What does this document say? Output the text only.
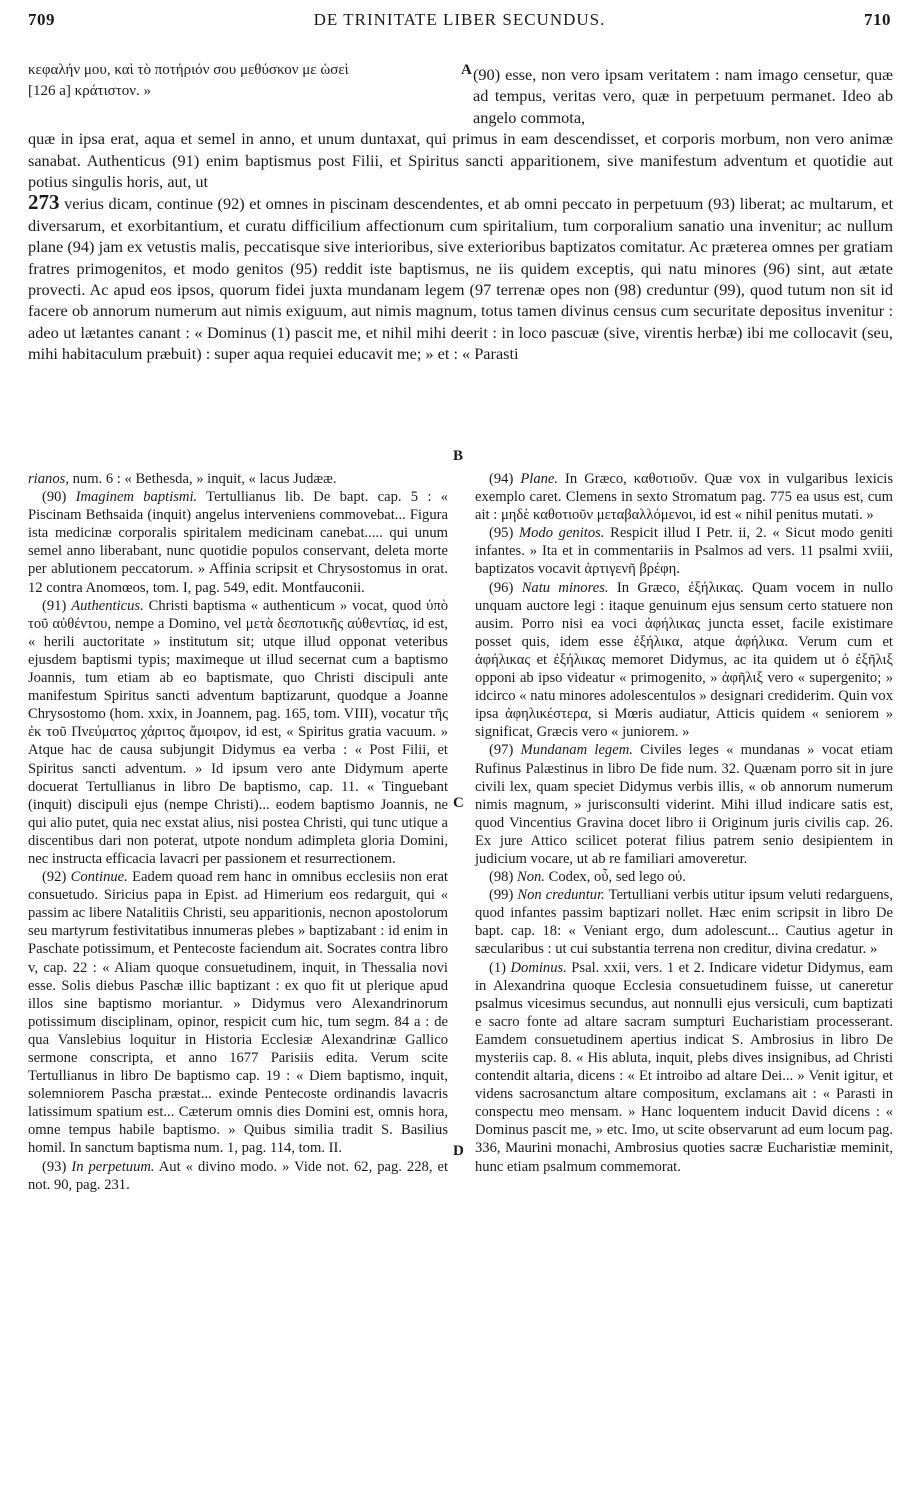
709	DE TRINITATE LIBER SECUNDUS.	710
κεφαλήν μου, καὶ τὸ ποτήριόν σου μεθύσκον με ὡσεὶ
[126 a] κράτιστον. »
A (90) esse, non vero ipsam veritatem : nam imago censetur, quæ ad tempus, veritas vero, quæ in perpetuum permanet. Ideo ab angelo commota,

quæ in ipsa erat, aqua et semel in anno, et unum duntaxat, qui primus in eam descendisset, et corporis morbum, non vero animæ sanabat. Authenticus (91) enim baptismus post Filii, et Spiritus sancti apparitionem, sive manifestum adventum et quotidie aut potius singulis horis, aut, ut

273 verius dicam, continue (92) et omnes in piscinam descendentes, et ab omni peccato in perpetuum (93) liberat; ac multarum, et diversarum, et exorbitantium, et curatu difficilium affectionum cum spiritalium, tum corporalium sanatio una invenitur; ac nullum plane (94) jam ex vetustis malis, peccatisque sive interioribus, sive exterioribus baptizatos comitatur. Ac præterea omnes per gratiam fratres primogenitos, et modo genitos (95) reddit iste baptismus, ne iis quidem exceptis, qui natu minores (96) sint, aut ætate provecti. Ac apud eos ipsos, quorum fidei juxta mundanam legem (97 terrenæ opes non (98) creduntur (99), quod tutum non sit id facere ob annorum numerum aut nimis exiguum, aut nimis magnum, totus tamen divinus census cum securitate depositus invenitur : adeo ut lætantes canant : « Dominus (1) pascit me, et nihil mihi deerit : in loco pascuæ (sive, virentis herbæ) ibi me collocavit (seu, mihi habitaculum præbuit) : super aqua requiei educavit me; » et : « Parasti

B
C
D

rianos, num. 6 : « Bethesda, » inquit, « lacus Judææ.

(90) Imaginem baptismi. Tertullianus lib. De bapt. cap. 5 : « Piscinam Bethsaida (inquit) angelus interveniens commovebat... Figura ista medicinæ corporalis spiritalem medicinam canebat..... qui unum semel anno liberabant, nunc quotidie populos conservant, deleta morte per ablutionem peccatorum. » Affinia scripsit et Chrysostomus in orat. 12 contra Anomœos, tom. I, pag. 549, edit. Montfauconii.

(91) Authenticus. Christi baptisma « authenticum » vocat, quod ὑπὸ τοῦ αὐθέντου, nempe a Domino, vel μετὰ δεσποτικῆς αὐθεντίας, id est, « herili auctoritate » institutum sit; utque illud opponat veteribus ejusdem baptismi typis; maximeque ut illud secernat cum a baptismo Joannis, tum etiam ab eo baptismate, quo Christi discipuli ante manifestum Spiritus sancti adventum baptizarunt, quodque a Joanne Chrysostomo (hom. xxix, in Joannem, pag. 165, tom. VIII), vocatur τῆς ἐκ τοῦ Πνεύματος χάριτος ἄμοιρον, id est, « Spiritus gratia vacuum. » Atque hac de causa subjungit Didymus ea verba : « Post Filii, et Spiritus sancti adventum. » Id ipsum vero ante Didymum aperte docuerat Tertullianus in libro De baptismo, cap. 11. « Tinguebant (inquit) discipuli ejus (nempe Christi)... eodem baptismo Joannis, ne qui alio putet, quia nec exstat alius, nisi postea Christi, qui tunc utique a discentibus dari non poterat, utpote nondum adimpleta gloria Domini, nec instructa efficacia lavacri per passionem et resurrectionem.

(92) Continue. Eadem quoad rem hanc in omnibus ecclesiis non erat consuetudo. Siricius papa in Epist. ad Himerium eos redarguit, qui « passim ac libere Natalitiis Christi, seu apparitionis, necnon apostolorum seu martyrum festivitatibus innumeras plebes » baptizabant : id enim in Paschate potissimum, et Pentecoste faciendum ait. Socrates contra libro v, cap. 22 : « Aliam quoque consuetudinem, inquit, in Thessalia novi esse. Solis diebus Paschæ illic baptizant : ex quo fit ut plerique apud illos sine baptismo moriantur. » Didymus vero Alexandrinorum potissimum disciplinam, opinor, respicit cum hic, tum segm. 84 a : de qua Vanslebius loquitur in Historia Ecclesiæ Alexandrinæ Gallico sermone conscripta, et anno 1677 Parisiis edita. Verum scite Tertullianus in libro De baptismo cap. 19 : « Diem baptismo, inquit, solemniorem Pascha præstat... exinde Pentecoste ordinandis lavacris latissimum spatium est... Cæterum omnis dies Domini est, omnis hora, omne tempus habile baptismo. » Quibus similia tradit S. Basilius homil. In sanctum baptisma num. 1, pag. 114, tom. II.

(93) In perpetuum. Aut « divino modo. » Vide not. 62, pag. 228, et not. 90, pag. 231.

(94) Plane. In Græco, καθοτιοῦν. Quæ vox in vulgaribus lexicis exemplo caret. Clemens in sexto Stromatum pag. 775 ea usus est, cum ait : μηδὲ καθοτιοῦν μεταβαλλόμενοι, id est « nihil penitus mutati. »

(95) Modo genitos. Respicit illud I Petr. ii, 2. « Sicut modo geniti infantes. » Ita et in commentariis in Psalmos ad vers. 11 psalmi xviii, baptizatos vocavit ἀρτιγενῆ βρέφη.

(96) Natu minores. In Græco, ἐξήλικας. Quam vocem in nullo unquam auctore legi : itaque genuinum ejus sensum certo statuere non ausim. Porro nisi ea voci ἀφήλικας juncta esset, facile existimare posset quis, idem esse ἐξήλικα, atque ἀφήλικα. Verum cum et ἀφήλικας et ἐξήλικας memoret Didymus, ac ita quidem ut ὁ ἐξῆλιξ opponi ab ipso videatur « primogenito, » ἀφῆλιξ vero « supergenito; » idcirco « natu minores adolescentulos » designari crediderim. Quin vox ipsa ἀφηλικέστερα, si Mœris audiatur, Atticis quidem « seniorem » significat, Græcis vero « juniorem. »

(97) Mundanam legem. Civiles leges « mundanas » vocat etiam Rufinus Palæstinus in libro De fide num. 32. Quænam porro sit in jure civili lex, quam speciet Didymus verbis illis, « ob annorum numerum nimis magnum, » jurisconsulti viderint. Mihi illud indicare satis est, quod Vincentius Gravina docet libro ii Originum juris civilis cap. 26. Ex jure Attico scilicet poterat filius patrem senio desipientem in judicium vocare, ut ab re familiari amoveretur.

(98) Non. Codex, οὖ, sed lego οὐ.

(99) Non creduntur. Tertulliani verbis utitur ipsum veluti redarguens, quod infantes passim baptizari nollet. Hæc enim scripsit in libro De bapt. cap. 18: « Veniant ergo, dum adolescunt... Cautius agetur in sæcularibus : ut cui substantia terrena non creditur, divina credatur. »

(1) Dominus. Psal. xxii, vers. 1 et 2. Indicare videtur Didymus, eam in Alexandrina quoque Ecclesia consuetudinem fuisse, ut caneretur psalmus vicesimus secundus, aut nonnulli ejus versiculi, cum baptizati e sacro fonte ad altare sacram sumpturi Eucharistiam processerant. Eamdem consuetudinem apertius indicat S. Ambrosius in libro De mysteriis cap. 8. « His abluta, inquit, plebs dives insignibus, ad Christi contendit altaria, dicens : « Et introibo ad altare Dei... » Venit igitur, et videns sacrosanctum altare compositum, exclamans ait : « Parasti in conspectu meo mensam. » Hanc loquentem inducit David dicens : « Dominus pascit me, » etc. Imo, ut scite observarunt ad eum locum pag. 336, Maurini monachi, Ambrosius quoties sacræ Eucharistiæ meminit, hunc etiam psalmum commemorat.
